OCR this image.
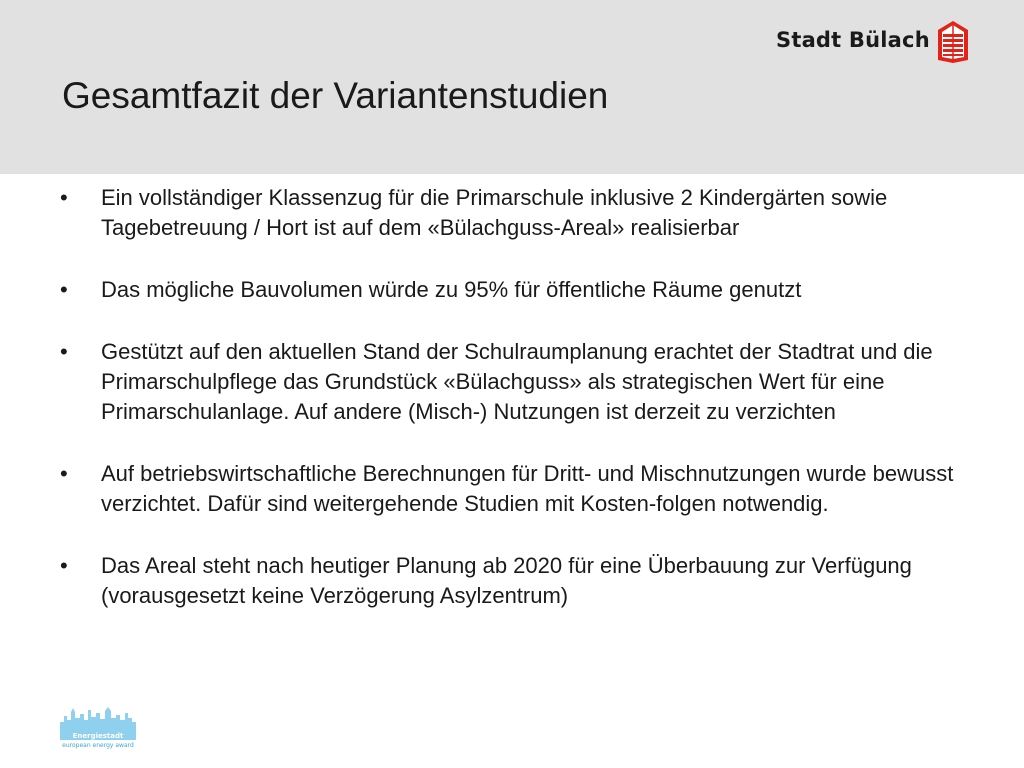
Gesamtfazit der Variantenstudien
Stadt Bülach
• Ein vollständiger Klassenzug für die Primarschule inklusive 2 Kindergärten sowie Tagebetreuung / Hort ist auf dem «Bülachguss-Areal» realisierbar
• Das mögliche Bauvolumen würde zu 95% für öffentliche Räume genutzt
• Gestützt auf den aktuellen Stand der Schulraumplanung erachtet der Stadtrat und die Primarschulpflege das Grundstück «Bülachguss» als strategischen Wert für eine Primarschulanlage. Auf andere (Misch-) Nutzungen ist derzeit zu verzichten
• Auf betriebswirtschaftliche Berechnungen für Dritt- und Mischnutzungen wurde bewusst verzichtet. Dafür sind weitergehende Studien mit Kosten-folgen notwendig.
• Das Areal steht nach heutiger Planung ab 2020 für eine Überbauung zur Verfügung (vorausgesetzt keine Verzögerung Asylzentrum)
Energiestadt
european energy award
